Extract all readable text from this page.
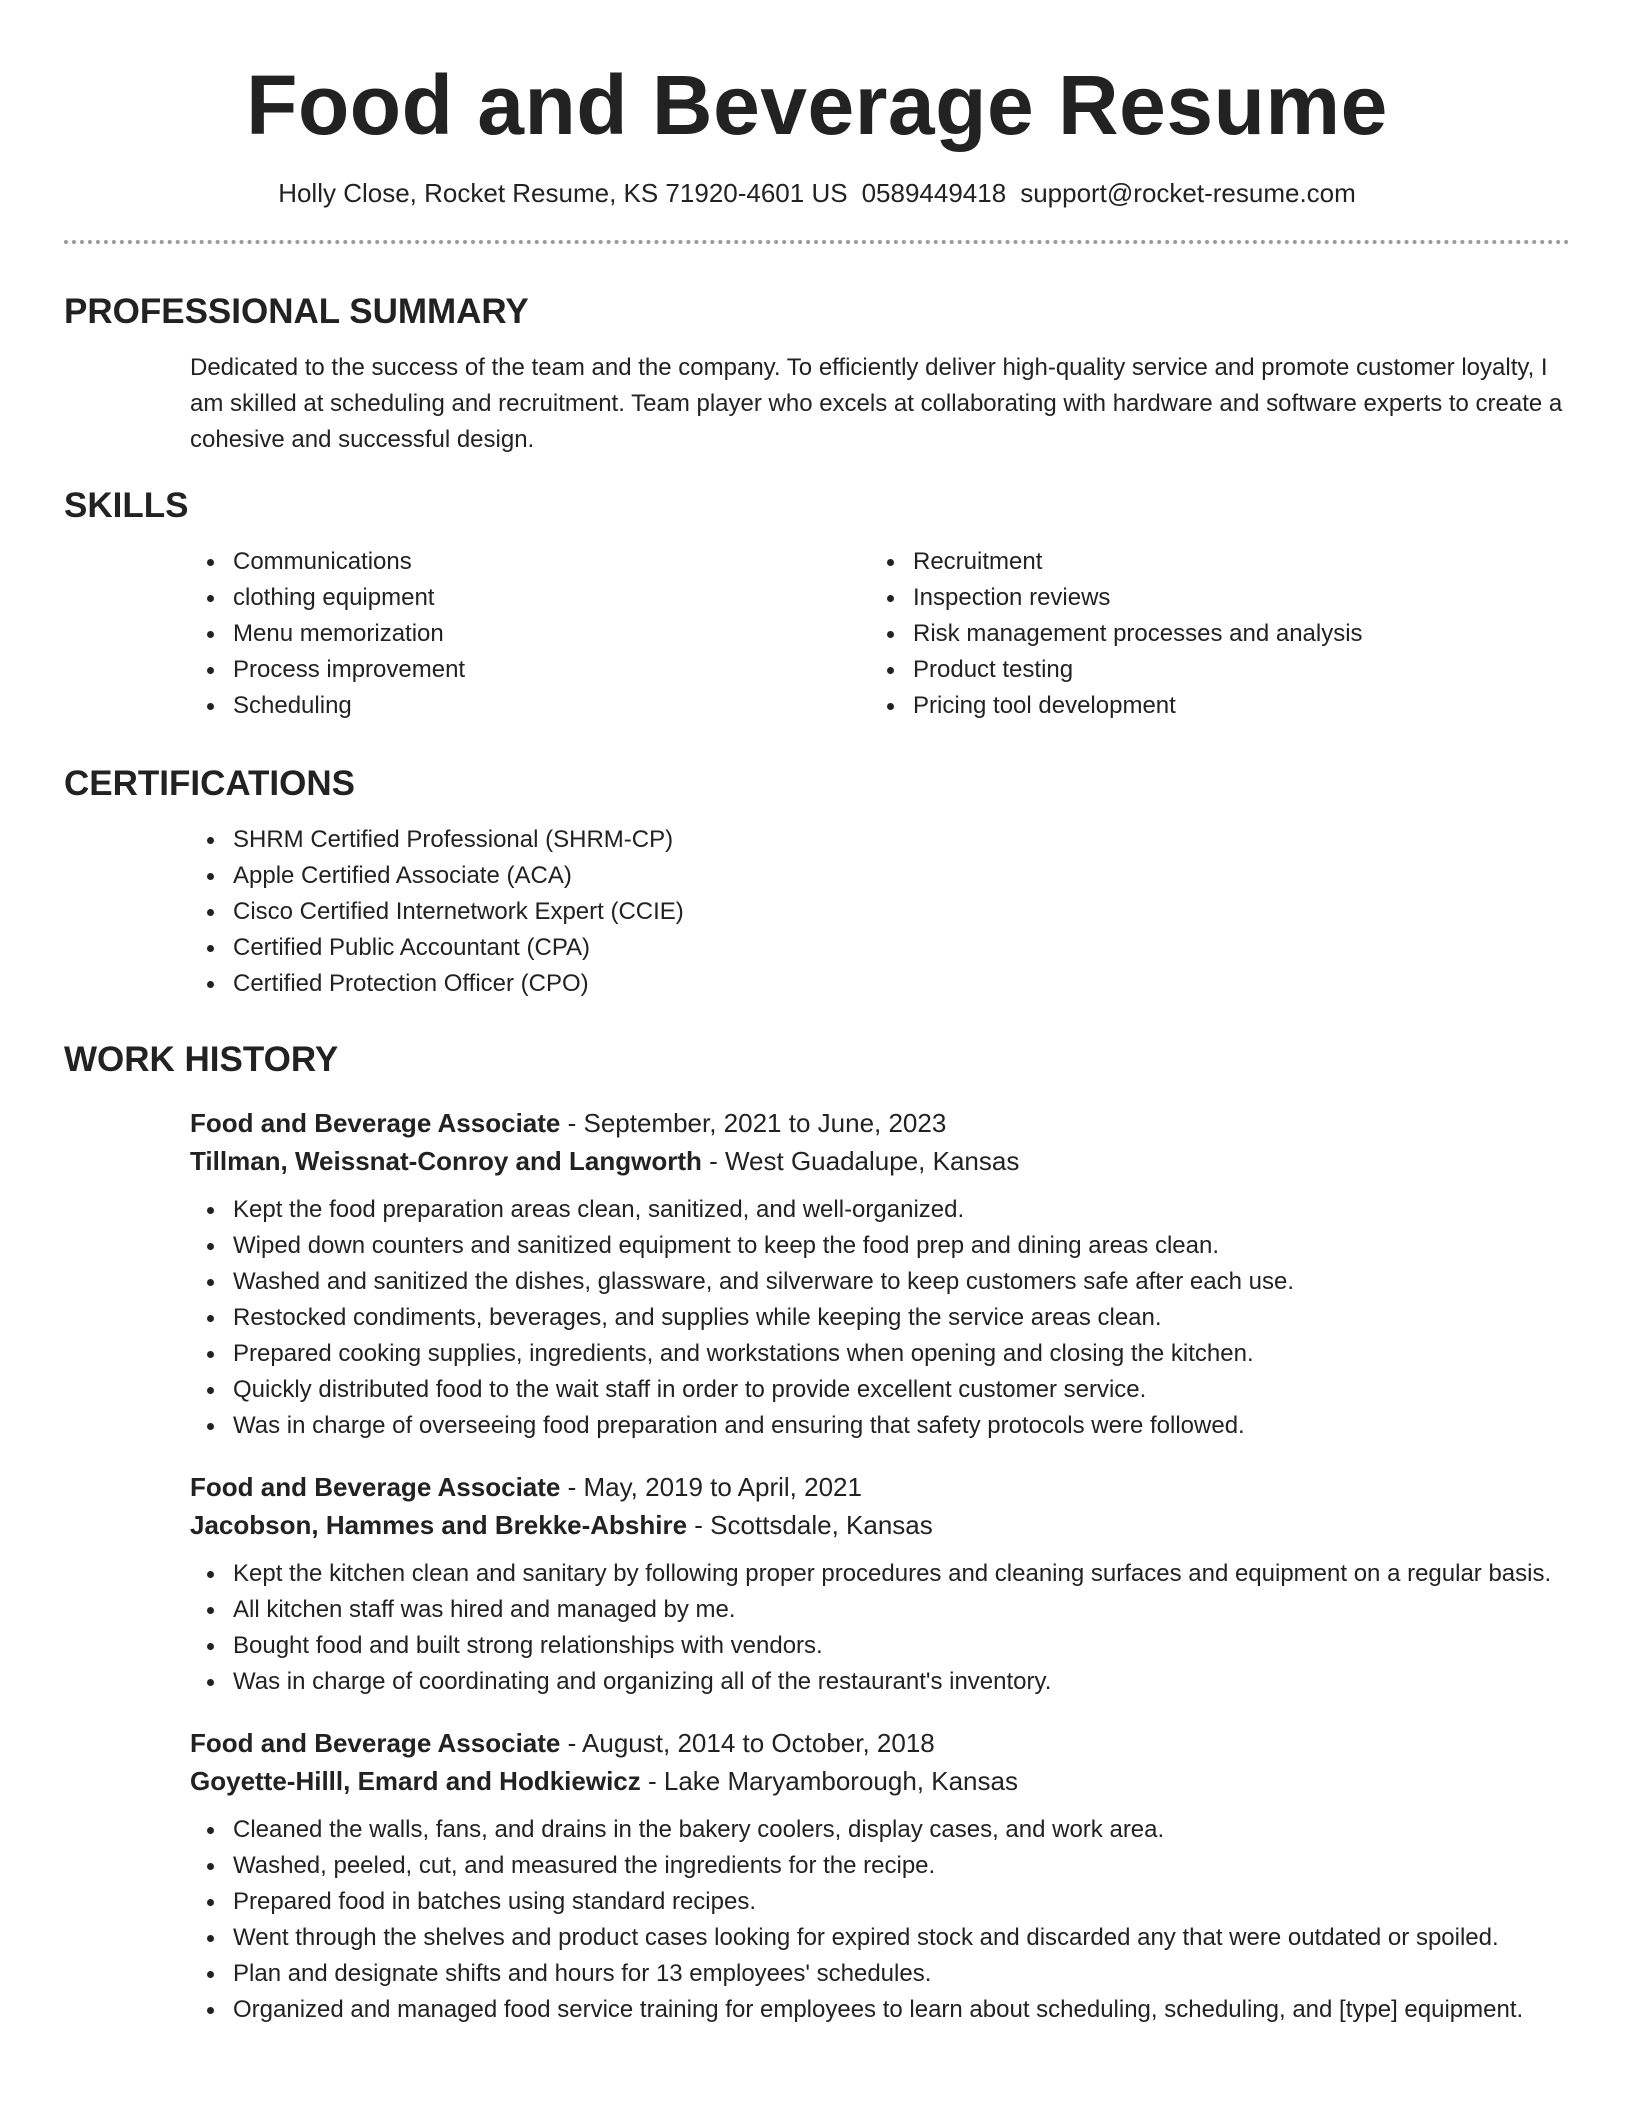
Food and Beverage Resume
Holly Close, Rocket Resume, KS 71920-4601 US 0589449418 support@rocket-resume.com
PROFESSIONAL SUMMARY
Dedicated to the success of the team and the company. To efficiently deliver high-quality service and promote customer loyalty, I am skilled at scheduling and recruitment. Team player who excels at collaborating with hardware and software experts to create a cohesive and successful design.
SKILLS
Communications
clothing equipment
Menu memorization
Process improvement
Scheduling
Recruitment
Inspection reviews
Risk management processes and analysis
Product testing
Pricing tool development
CERTIFICATIONS
SHRM Certified Professional (SHRM-CP)
Apple Certified Associate (ACA)
Cisco Certified Internetwork Expert (CCIE)
Certified Public Accountant (CPA)
Certified Protection Officer (CPO)
WORK HISTORY
Food and Beverage Associate - September, 2021 to June, 2023
Tillman, Weissnat-Conroy and Langworth - West Guadalupe, Kansas
Kept the food preparation areas clean, sanitized, and well-organized.
Wiped down counters and sanitized equipment to keep the food prep and dining areas clean.
Washed and sanitized the dishes, glassware, and silverware to keep customers safe after each use.
Restocked condiments, beverages, and supplies while keeping the service areas clean.
Prepared cooking supplies, ingredients, and workstations when opening and closing the kitchen.
Quickly distributed food to the wait staff in order to provide excellent customer service.
Was in charge of overseeing food preparation and ensuring that safety protocols were followed.
Food and Beverage Associate - May, 2019 to April, 2021
Jacobson, Hammes and Brekke-Abshire - Scottsdale, Kansas
Kept the kitchen clean and sanitary by following proper procedures and cleaning surfaces and equipment on a regular basis.
All kitchen staff was hired and managed by me.
Bought food and built strong relationships with vendors.
Was in charge of coordinating and organizing all of the restaurant's inventory.
Food and Beverage Associate - August, 2014 to October, 2018
Goyette-Hilll, Emard and Hodkiewicz - Lake Maryamborough, Kansas
Cleaned the walls, fans, and drains in the bakery coolers, display cases, and work area.
Washed, peeled, cut, and measured the ingredients for the recipe.
Prepared food in batches using standard recipes.
Went through the shelves and product cases looking for expired stock and discarded any that were outdated or spoiled.
Plan and designate shifts and hours for 13 employees' schedules.
Organized and managed food service training for employees to learn about scheduling, scheduling, and [type] equipment.
